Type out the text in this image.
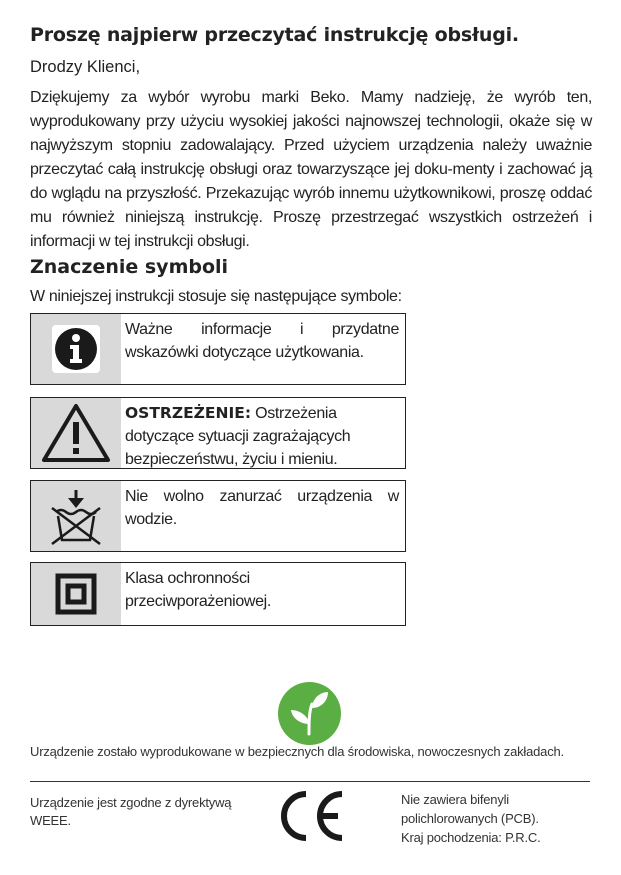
Proszę najpierw przeczytać instrukcję obsługi.

Drodzy Klienci,

Dziękujemy za wybór wyrobu marki Beko. Mamy nadzieję, że wyrób ten, wyprodukowany przy użyciu wysokiej jakości najnowszej technologii, okaże się w najwyższym stopniu zadowalający. Przed użyciem urządzenia należy uważnie przeczytać całą instrukcję obsługi oraz towarzyszące jej doku-menty i zachować ją do wglądu na przyszłość. Przekazując wyrób innemu użytkownikowi, proszę oddać mu również niniejszą instrukcję. Proszę przestrzegać wszystkich ostrzeżeń i informacji w tej instrukcji obsługi.

Znaczenie symboli

W niniejszej instrukcji stosuje się następujące symbole:

Ważne informacje i przydatne wskazówki dotyczące użytkowania.
OSTRZEŻENIE: Ostrzeżenia dotyczące sytuacji zagrażających bezpieczeństwu, życiu i mieniu.
Nie wolno zanurzać urządzenia w wodzie.
Klasa ochronności przeciwporażeniowej.

Urządzenie zostało wyprodukowane w bezpiecznych dla środowiska, nowoczesnych zakładach.

Urządzenie jest zgodne z dyrektywą WEEE.

Nie zawiera bifenyli
polichlorowanych (PCB).
Kraj pochodzenia: P.R.C.
